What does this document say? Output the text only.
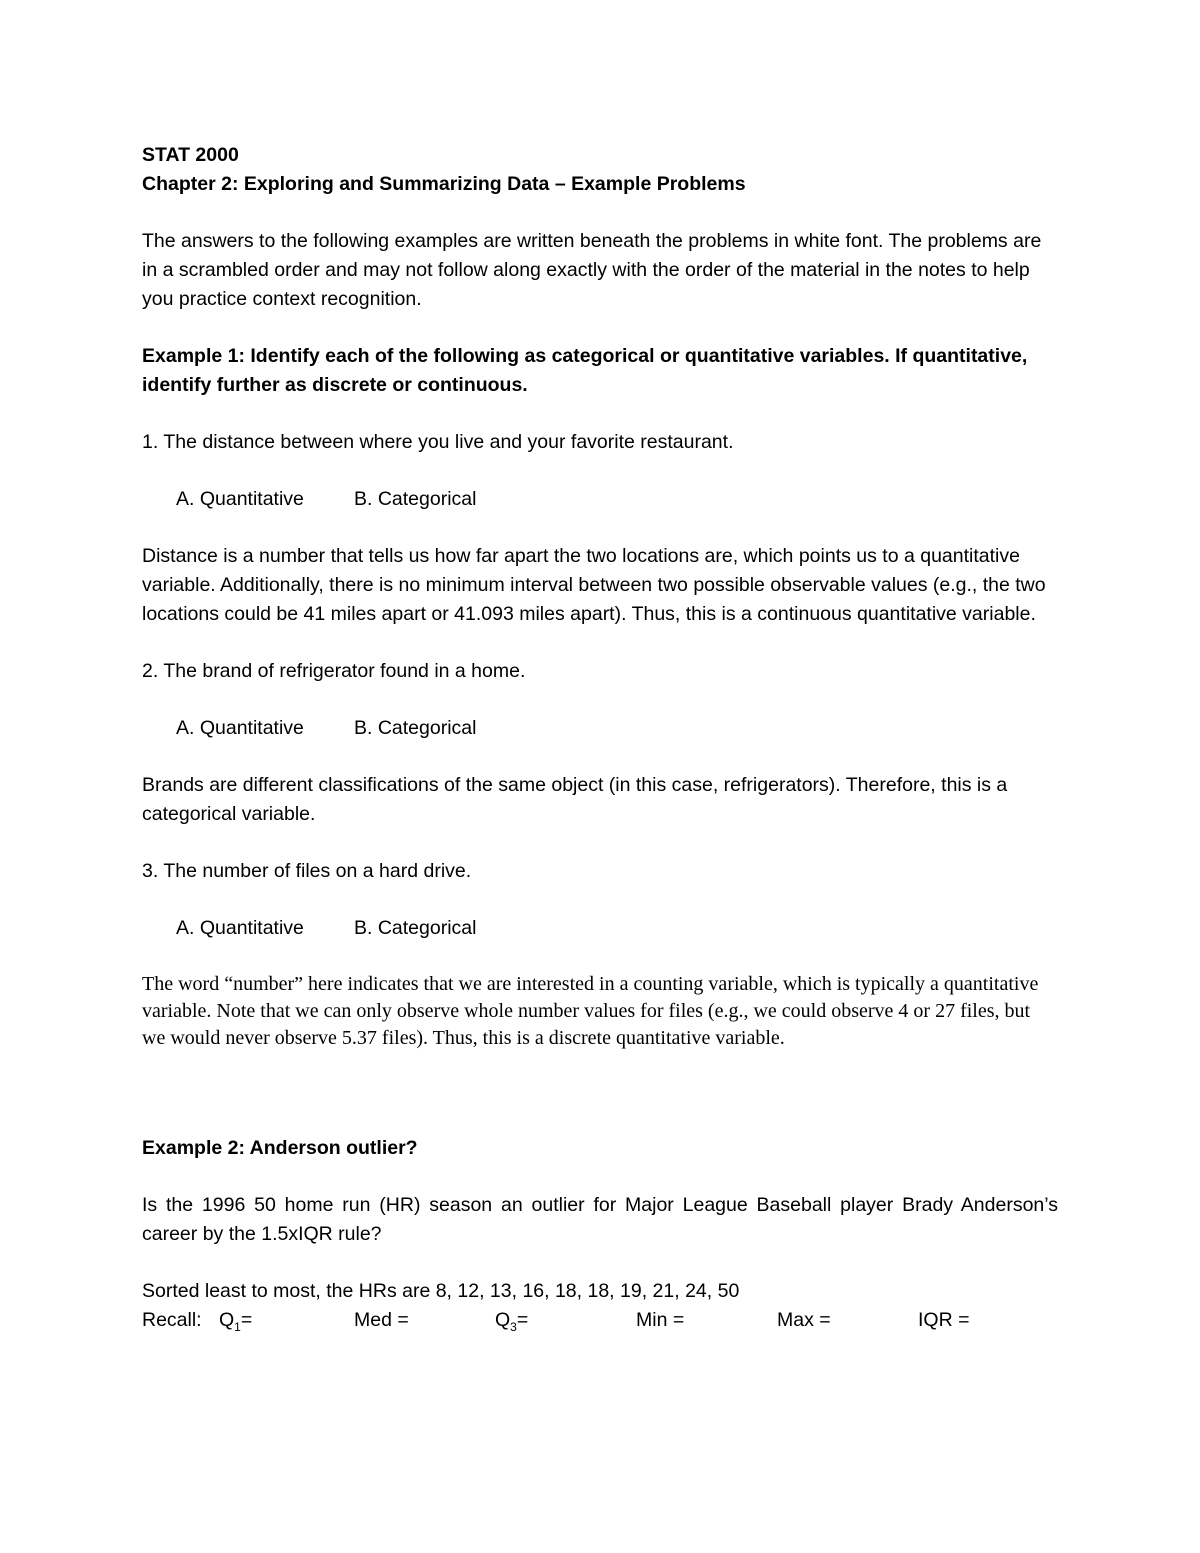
STAT 2000

Chapter 2: Exploring and Summarizing Data – Example Problems

The answers to the following examples are written beneath the problems in white font. The problems are in a scrambled order and may not follow along exactly with the order of the material in the notes to help you practice context recognition.

Example 1: Identify each of the following as categorical or quantitative variables. If quantitative, identify further as discrete or continuous.

1. The distance between where you live and your favorite restaurant.

A. Quantitative	B. Categorical

Distance is a number that tells us how far apart the two locations are, which points us to a quantitative variable. Additionally, there is no minimum interval between two possible observable values (e.g., the two locations could be 41 miles apart or 41.093 miles apart). Thus, this is a continuous quantitative variable.

2. The brand of refrigerator found in a home.

A. Quantitative	B. Categorical

Brands are different classifications of the same object (in this case, refrigerators). Therefore, this is a categorical variable.

3. The number of files on a hard drive.

A. Quantitative	B. Categorical

The word “number” here indicates that we are interested in a counting variable, which is typically a quantitative variable. Note that we can only observe whole number values for files (e.g., we could observe 4 or 27 files, but we would never observe 5.37 files). Thus, this is a discrete quantitative variable.

Example 2: Anderson outlier?

Is the 1996 50 home run (HR) season an outlier for Major League Baseball player Brady Anderson’s career by the 1.5xIQR rule?

Sorted least to most, the HRs are 8, 12, 13, 16, 18, 18, 19, 21, 24, 50

Recall: $Q_1=$	Med =	$Q_3=$	Min =	Max =	IQR =
